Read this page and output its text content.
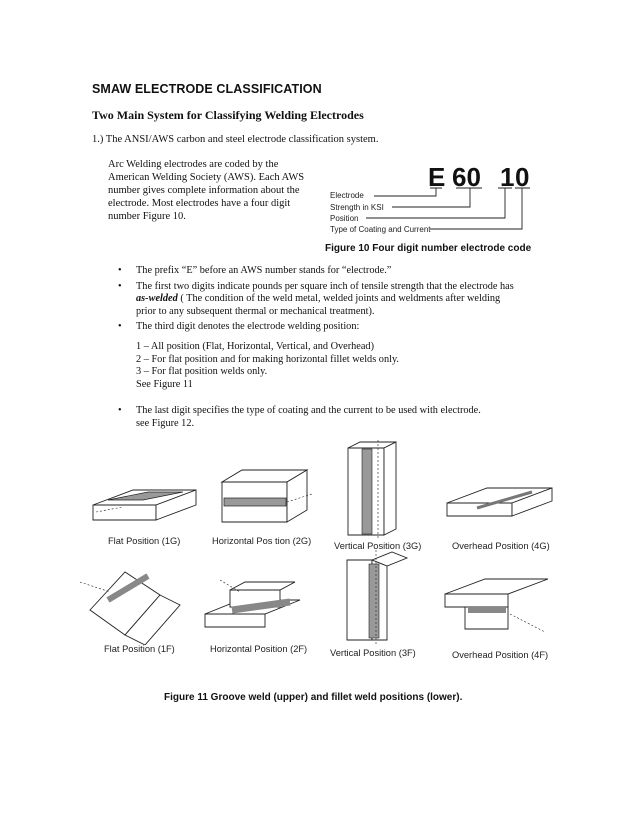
SMAW ELECTRODE CLASSIFICATION
Two Main System for Classifying Welding Electrodes
1.) The ANSI/AWS carbon and steel electrode classification system.
Arc Welding electrodes are coded by the
American Welding Society (AWS). Each AWS
number gives complete information about the
electrode. Most electrodes have a four digit
number Figure 10.
E 60 1 0
Electrode
Strength in KSI
Position
Type of Coating and Current
Figure 10 Four digit number electrode code
• The prefix “E” before an AWS number stands for “electrode.”
• The first two digits indicate pounds per square inch of tensile strength that the electrode has
as-welded ( The condition of the weld metal, welded joints and weldments after welding
prior to any subsequent thermal or mechanical treatment).
• The third digit denotes the electrode welding position:
1 – All position (Flat, Horizontal, Vertical, and Overhead)
2 – For flat position and for making horizontal fillet welds only.
3 – For flat position welds only.
See Figure 11
•	The last digit specifies the type of coating and the current to be used with electrode.
see Figure 12.
Flat Position (1G)	Horizontal Pos tion (2G) Vertical Position (3G)	Overhead Position (4G)
Flat Position (1F)	Horizontal Position (2F) Vertical Position (3F)	Overhead Position (4F)
Figure 11 Groove weld (upper) and fillet weld positions (lower).
